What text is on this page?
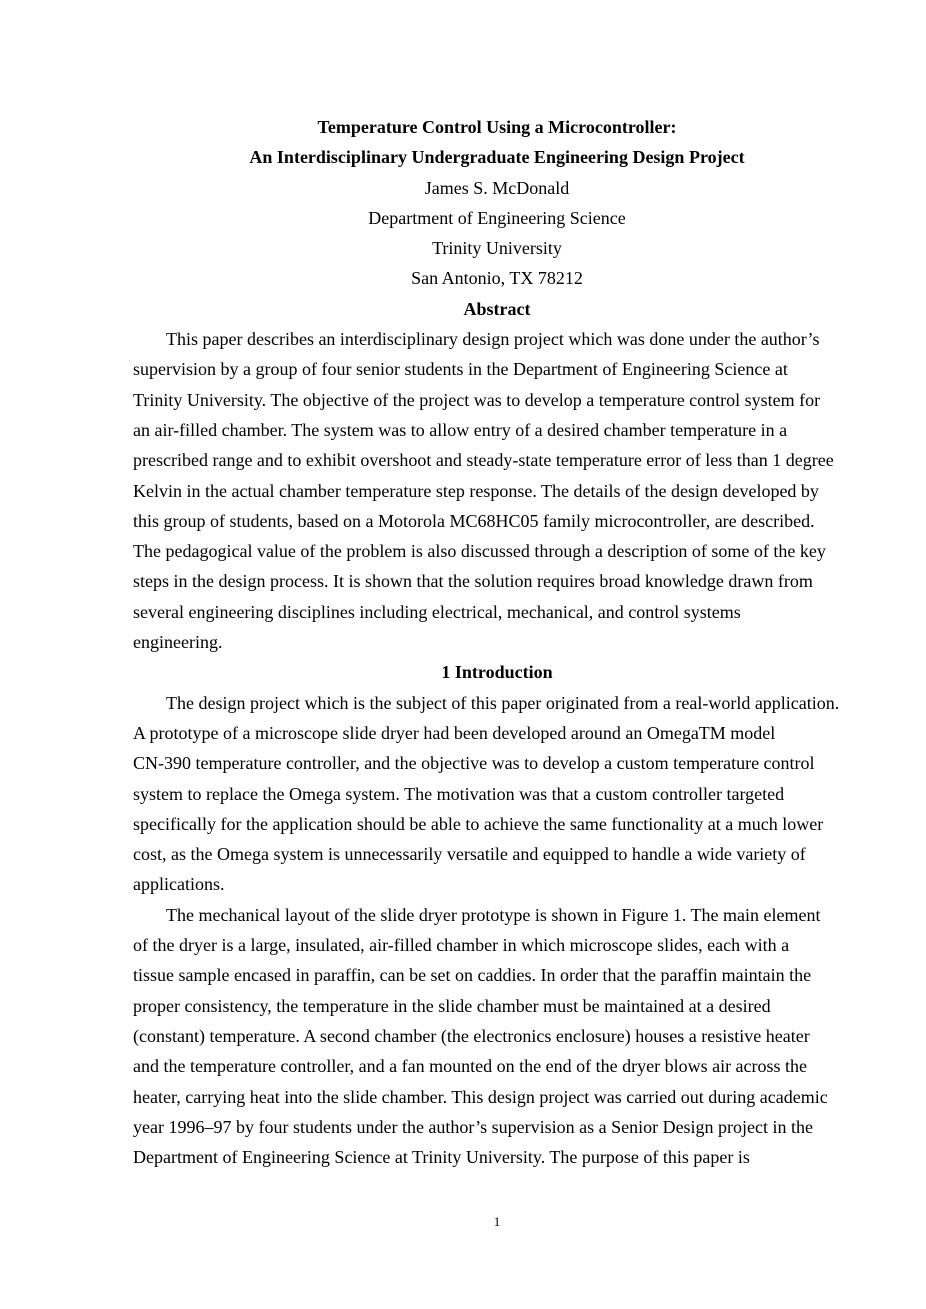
Temperature Control Using a Microcontroller:
An Interdisciplinary Undergraduate Engineering Design Project
James S. McDonald
Department of Engineering Science
Trinity University
San Antonio, TX 78212
Abstract
This paper describes an interdisciplinary design project which was done under the author’s
supervision by a group of four senior students in the Department of Engineering Science at
Trinity University. The objective of the project was to develop a temperature control system for
an air-filled chamber. The system was to allow entry of a desired chamber temperature in a
prescribed range and to exhibit overshoot and steady-state temperature error of less than 1 degree
Kelvin in the actual chamber temperature step response. The details of the design developed by
this group of students, based on a Motorola MC68HC05 family microcontroller, are described.
The pedagogical value of the problem is also discussed through a description of some of the key
steps in the design process. It is shown that the solution requires broad knowledge drawn from
several engineering disciplines including electrical, mechanical, and control systems
engineering.
1 Introduction
The design project which is the subject of this paper originated from a real-world application.
A prototype of a microscope slide dryer had been developed around an OmegaTM model
CN-390 temperature controller, and the objective was to develop a custom temperature control
system to replace the Omega system. The motivation was that a custom controller targeted
specifically for the application should be able to achieve the same functionality at a much lower
cost, as the Omega system is unnecessarily versatile and equipped to handle a wide variety of
applications.
The mechanical layout of the slide dryer prototype is shown in Figure 1. The main element
of the dryer is a large, insulated, air-filled chamber in which microscope slides, each with a
tissue sample encased in paraffin, can be set on caddies. In order that the paraffin maintain the
proper consistency, the temperature in the slide chamber must be maintained at a desired
(constant) temperature. A second chamber (the electronics enclosure) houses a resistive heater
and the temperature controller, and a fan mounted on the end of the dryer blows air across the
heater, carrying heat into the slide chamber. This design project was carried out during academic
year 1996–97 by four students under the author’s supervision as a Senior Design project in the
Department of Engineering Science at Trinity University. The purpose of this paper is
1
